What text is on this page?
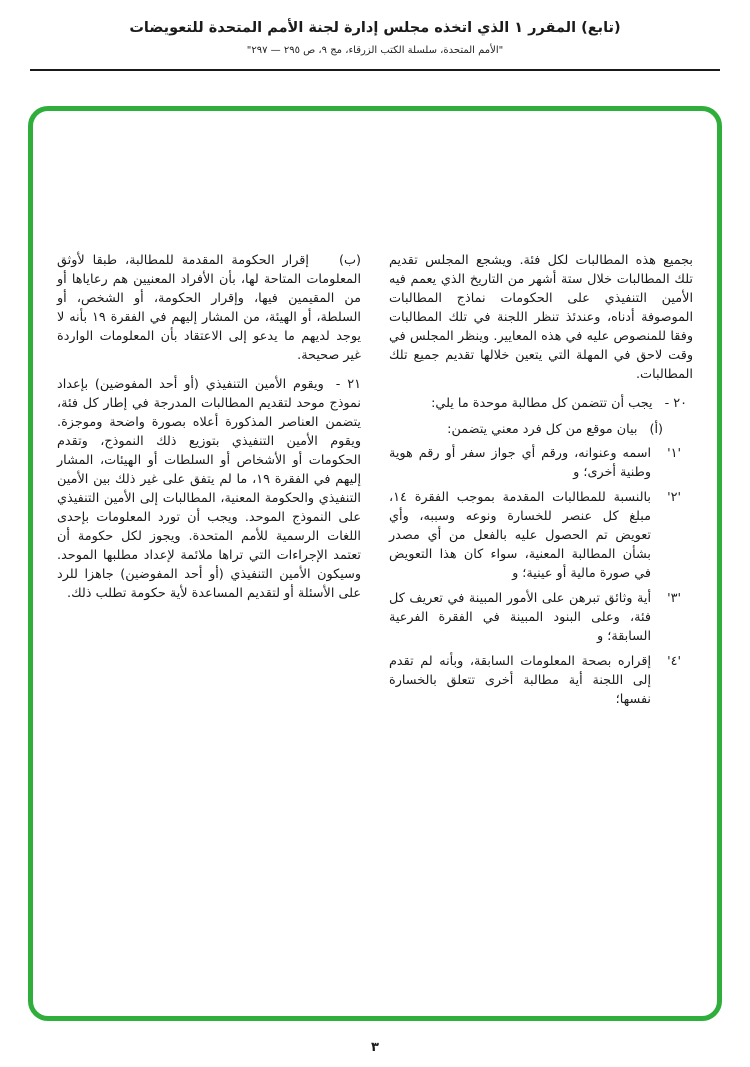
(تابع) المقرر ١ الذي اتخذه مجلس إدارة لجنة الأمم المتحدة للتعويضات
"الأمم المتحدة، سلسلة الكتب الزرقاء، مج ٩، ص ٢٩٥ — ٢٩٧"

بجميع هذه المطالبات لكل فئة. ويشجع المجلس تقديم تلك المطالبات خلال ستة أشهر من التاريخ الذي يعمم فيه الأمين التنفيذي على الحكومات نماذج المطالبات الموصوفة أدناه، وعندئذ تنظر اللجنة في تلك المطالبات وفقا للمنصوص عليه في هذه المعايير. وينظر المجلس في وقت لاحق في المهلة التي يتعين خلالها تقديم جميع تلك المطالبات.

٢٠ -
يجب أن تتضمن كل مطالبة موحدة ما يلي:
(أ)
بيان موقع من كل فرد معني يتضمن:
'١'
اسمه وعنوانه، ورقم أي جواز سفر أو رقم هوية وطنية أخرى؛ و
'٢'
بالنسبة للمطالبات المقدمة بموجب الفقرة ١٤، مبلغ كل عنصر للخسارة ونوعه وسببه، وأي تعويض تم الحصول عليه بالفعل من أي مصدر بشأن المطالبة المعنية، سواء كان هذا التعويض في صورة مالية أو عينية؛ و
'٣'
أية وثائق تبرهن على الأمور المبينة في تعريف كل فئة، وعلى البنود المبينة في الفقرة الفرعية السابقة؛ و
'٤'
إقراره بصحة المعلومات السابقة، وبأنه لم تقدم إلى اللجنة أية مطالبة أخرى تتعلق بالخسارة نفسها؛

(ب)إقرار الحكومة المقدمة للمطالبة، طبقا لأوثق المعلومات المتاحة لها، بأن الأفراد المعنيين هم رعاياها أو من المقيمين فيها، وإقرار الحكومة، أو الشخص، أو السلطة، أو الهيئة، من المشار إليهم في الفقرة ١٩ بأنه لا يوجد لديهم ما يدعو إلى الاعتقاد بأن المعلومات الواردة غير صحيحة.

٢١ -ويقوم الأمين التنفيذي (أو أحد المفوضين) بإعداد نموذج موحد لتقديم المطالبات المدرجة في إطار كل فئة، يتضمن العناصر المذكورة أعلاه بصورة واضحة وموجزة. ويقوم الأمين التنفيذي بتوزيع ذلك النموذج، وتقدم الحكومات أو الأشخاص أو السلطات أو الهيئات، المشار إليهم في الفقرة ١٩، ما لم يتفق على غير ذلك بين الأمين التنفيذي والحكومة المعنية، المطالبات إلى الأمين التنفيذي على النموذج الموحد. ويجب أن تورد المعلومات بإحدى اللغات الرسمية للأمم المتحدة. ويجوز لكل حكومة أن تعتمد الإجراءات التي تراها ملائمة لإعداد مطلبها الموحد. وسيكون الأمين التنفيذي (أو أحد المفوضين) جاهزا للرد على الأسئلة أو لتقديم المساعدة لأية حكومة تطلب ذلك.

٣
